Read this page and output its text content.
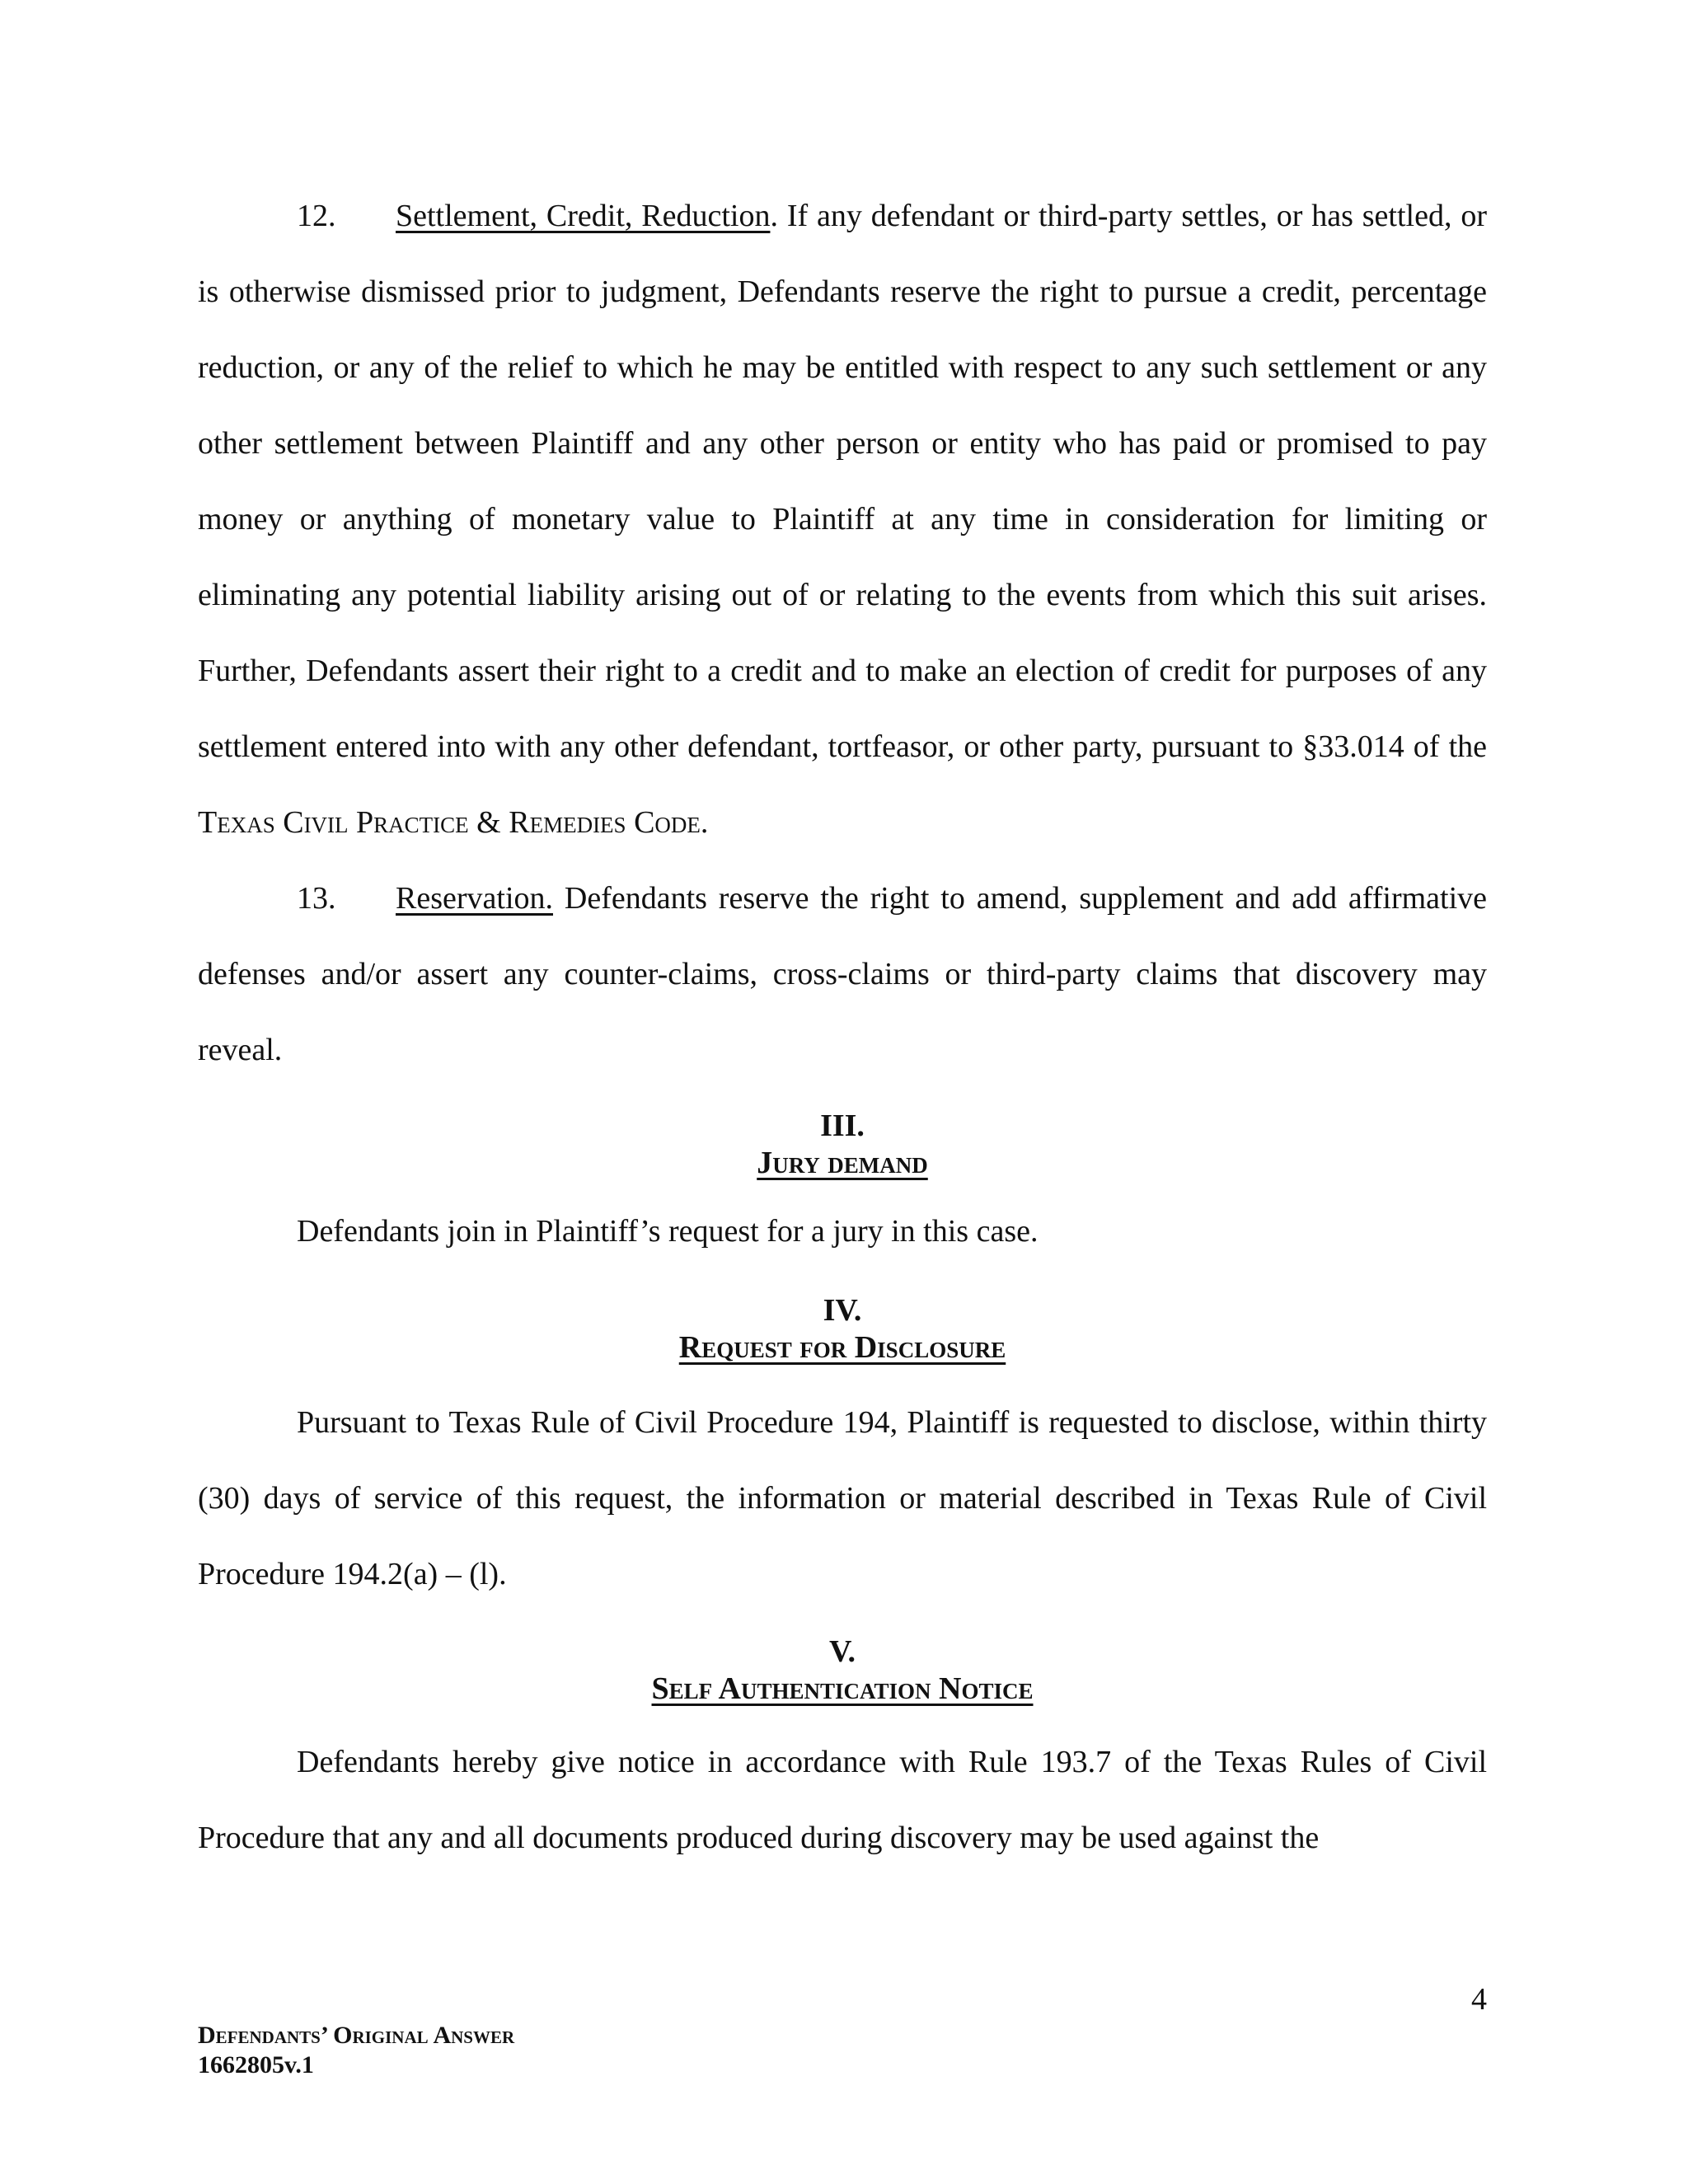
12. Settlement, Credit, Reduction. If any defendant or third-party settles, or has settled, or is otherwise dismissed prior to judgment, Defendants reserve the right to pursue a credit, percentage reduction, or any of the relief to which he may be entitled with respect to any such settlement or any other settlement between Plaintiff and any other person or entity who has paid or promised to pay money or anything of monetary value to Plaintiff at any time in consideration for limiting or eliminating any potential liability arising out of or relating to the events from which this suit arises. Further, Defendants assert their right to a credit and to make an election of credit for purposes of any settlement entered into with any other defendant, tortfeasor, or other party, pursuant to §33.014 of the Texas Civil Practice & Remedies Code.

13. Reservation. Defendants reserve the right to amend, supplement and add affirmative defenses and/or assert any counter-claims, cross-claims or third-party claims that discovery may reveal.

III.
Jury demand

Defendants join in Plaintiff’s request for a jury in this case.

IV.
Request for Disclosure

Pursuant to Texas Rule of Civil Procedure 194, Plaintiff is requested to disclose, within thirty (30) days of service of this request, the information or material described in Texas Rule of Civil Procedure 194.2(a) – (l).

V.
Self Authentication Notice

Defendants hereby give notice in accordance with Rule 193.7 of the Texas Rules of Civil Procedure that any and all documents produced during discovery may be used against the

4
Defendants’ Original Answer
1662805v.1
